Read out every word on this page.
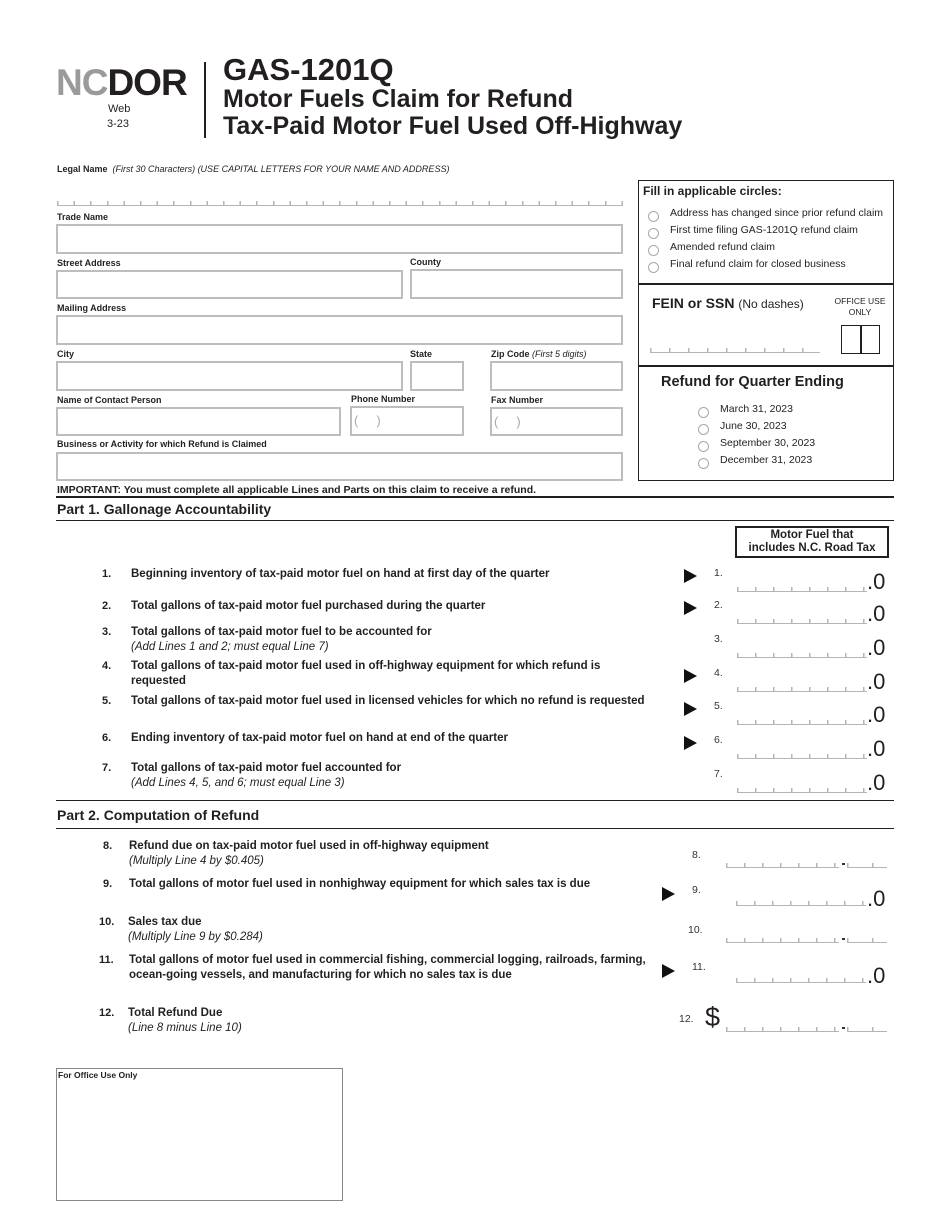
NCDOR
Web
3-23
GAS-1201Q
Motor Fuels Claim for Refund
Tax-Paid Motor Fuel Used Off-Highway
Legal Name (First 30 Characters) (USE CAPITAL LETTERS FOR YOUR NAME AND ADDRESS)
Trade Name
Street Address	County
Mailing Address
City	State	Zip Code (First 5 digits)
Name of Contact Person	Phone Number
(     )
Fax Number
(     )
Business or Activity for which Refund is Claimed
IMPORTANT: You must complete all applicable Lines and Parts on this claim to receive a refund.
Fill in applicable circles:
Address has changed since prior refund claim
First time filing GAS-1201Q refund claim
Amended refund claim
Final refund claim for closed business
FEIN or SSN (No dashes)	OFFICE USE
ONLY
Refund for Quarter Ending
March 31, 2023
June 30, 2023
September 30, 2023
December 31, 2023
Part 1. Gallonage Accountability
Motor Fuel that
includes N.C. Road Tax
1. Beginning inventory of tax-paid motor fuel on hand at first day of the quarter	1.	.0
2. Total gallons of tax-paid motor fuel purchased during the quarter	2.	.0
3. Total gallons of tax-paid motor fuel to be accounted for
(Add Lines 1 and 2; must equal Line 7)
3.	.0
4. Total gallons of tax-paid motor fuel used in off-highway equipment for which refund is requested
4.	.0
5. Total gallons of tax-paid motor fuel used in licensed vehicles for which no refund is requested	5.	.0
6. Ending inventory of tax-paid motor fuel on hand at end of the quarter	6.	.0
7. Total gallons of tax-paid motor fuel accounted for
(Add Lines 4, 5, and 6; must equal Line 3)
7.	.0
Part 2. Computation of Refund
8. Refund due on tax-paid motor fuel used in off-highway equipment
(Multiply Line 4 by $0.405)	8.
9. Total gallons of motor fuel used in nonhighway equipment for which sales tax is due	9.	.0
10. Sales tax due
(Multiply Line 9 by $0.284)
10.
11. Total gallons of motor fuel used in commercial fishing, commercial logging, railroads, farming, ocean-going vessels, and manufacturing for which no sales tax is due
11.	.0
12. Total Refund Due
(Line 8 minus Line 10)
12. $
For Office Use Only
